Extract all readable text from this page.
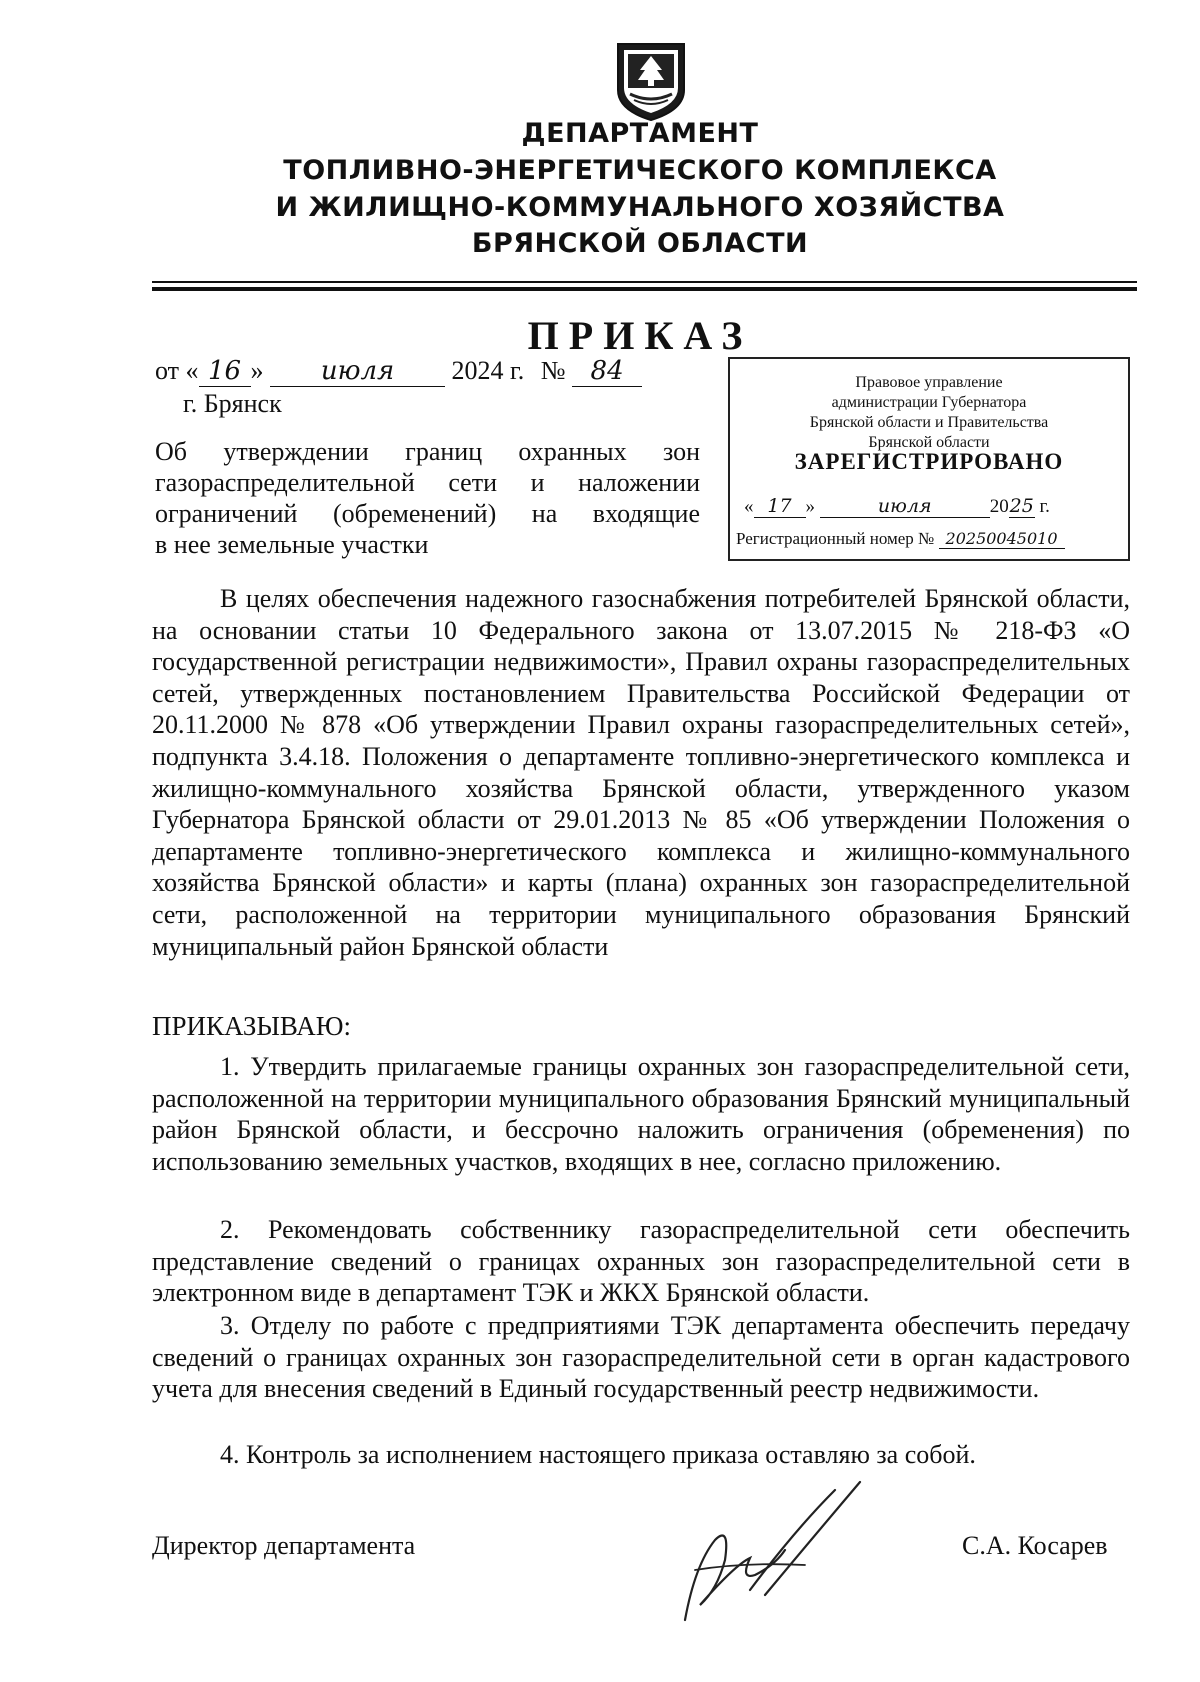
ДЕПАРТАМЕНТ
ТОПЛИВНО-ЭНЕРГЕТИЧЕСКОГО КОМПЛЕКСА
И ЖИЛИЩНО-КОММУНАЛЬНОГО ХОЗЯЙСТВА
БРЯНСКОЙ ОБЛАСТИ
ПРИКАЗ
от « 16 » июля 2024 г. № 84
г. Брянск
Об утверждении границ охранных зон
газораспределительной сети и наложении
ограничений (обременений) на входящие
в нее земельные участки
Правовое управление
администрации Губернатора
Брянской области и Правительства
Брянской области
ЗАРЕГИСТРИРОВАНО
« 17 »	июля	2025 г.
Регистрационный номер № 20250045010
В целях обеспечения надежного газоснабжения потребителей Брянской области, на основании статьи 10 Федерального закона от 13.07.2015 № 218-ФЗ «О государственной регистрации недвижимости», Правил охраны газораспределительных сетей, утвержденных постановлением Правительства Российской Федерации от 20.11.2000 № 878 «Об утверждении Правил охраны газораспределительных сетей», подпункта 3.4.18. Положения о департаменте топливно-энергетического комплекса и жилищно-коммунального хозяйства Брянской области, утвержденного указом Губернатора Брянской области от 29.01.2013 № 85 «Об утверждении Положения о департаменте топливно-энергетического комплекса и жилищно-коммунального хозяйства Брянской области» и карты (плана) охранных зон газораспределительной сети, расположенной на территории муниципального образования Брянский муниципальный район Брянской области
ПРИКАЗЫВАЮ:
1. Утвердить прилагаемые границы охранных зон газораспределительной сети, расположенной на территории муниципального образования Брянский муниципальный район Брянской области, и бессрочно наложить ограничения (обременения) по использованию земельных участков, входящих в нее, согласно приложению.
2. Рекомендовать собственнику газораспределительной сети обеспечить представление сведений о границах охранных зон газораспределительной сети в электронном виде в департамент ТЭК и ЖКХ Брянской области.
3. Отделу по работе с предприятиями ТЭК департамента обеспечить передачу сведений о границах охранных зон газораспределительной сети в орган кадастрового учета для внесения сведений в Единый государственный реестр недвижимости.
4. Контроль за исполнением настоящего приказа оставляю за собой.
Директор департамента	С.А. Косарев
